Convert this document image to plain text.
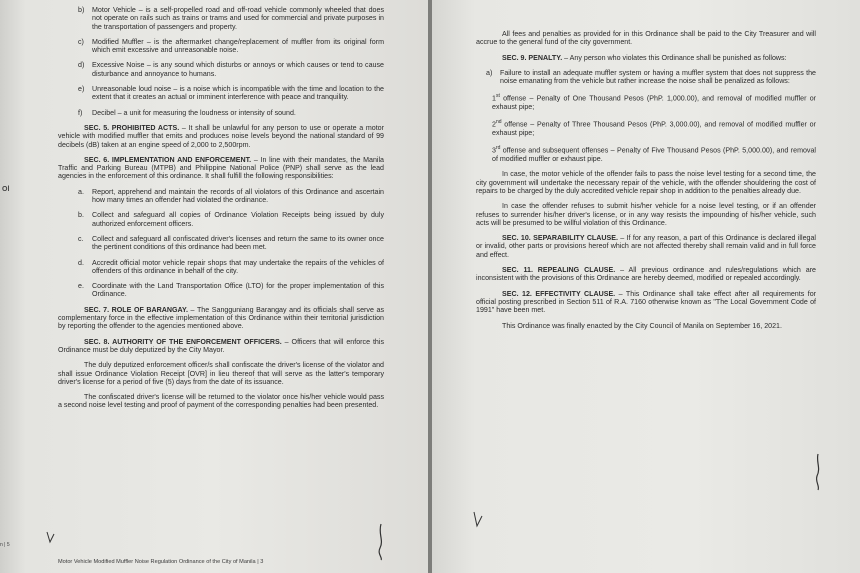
b)	Motor Vehicle – is a self-propelled road and off-road vehicle commonly wheeled that does not operate on rails such as trains or trams and used for commercial and private purposes in the transportation of passengers and property.
c)	Modified Muffler – is the aftermarket change/replacement of muffler from its original form which emit excessive and unreasonable noise.
d)	Excessive Noise – is any sound which disturbs or annoys or which causes or tend to cause disturbance and annoyance to humans.
e)	Unreasonable loud noise – is a noise which is incompatible with the time and location to the extent that it creates an actual or imminent interference with peace and tranquility.
f)	Decibel – a unit for measuring the loudness or intensity of sound.

SEC. 5. PROHIBITED ACTS. – It shall be unlawful for any person to use or operate a motor vehicle with modified muffler that emits and produces noise levels beyond the national standard of 99 decibels (dB) taken at an engine speed of 2,000 to 2,500rpm.

SEC. 6. IMPLEMENTATION AND ENFORCEMENT. – In line with their mandates, the Manila Traffic and Parking Bureau (MTPB) and Philippine National Police (PNP) shall serve as the lead agencies in the enforcement of this ordinance. It shall fulfill the following responsibilities:

a.	Report, apprehend and maintain the records of all violators of this Ordinance and ascertain how many times an offender had violated the ordinance.
b.	Collect and safeguard all copies of Ordinance Violation Receipts being issued by duly authorized enforcement officers.
c.	Collect and safeguard all confiscated driver's licenses and return the same to its owner once the pertinent conditions of this ordinance had been met.
d.	Accredit official motor vehicle repair shops that may undertake the repairs of the vehicles of offenders of this ordinance in behalf of the city.
e.	Coordinate with the Land Transportation Office (LTO) for the proper implementation of this Ordinance.

SEC. 7. ROLE OF BARANGAY. – The Sangguniang Barangay and its officials shall serve as complementary force in the effective implementation of this Ordinance within their territorial jurisdiction by reporting the offender to the agencies mentioned above.

SEC. 8. AUTHORITY OF THE ENFORCEMENT OFFICERS. – Officers that will enforce this Ordinance must be duly deputized by the City Mayor.

The duly deputized enforcement officer/s shall confiscate the driver's license of the violator and shall issue Ordinance Violation Receipt [OVR] in lieu thereof that will serve as the latter's temporary driver's license for a period of five (5) days from the date of its issuance.

The confiscated driver's license will be returned to the violator once his/her vehicle would pass a second noise level testing and proof of payment of the corresponding penalties had been presented.

Motor Vehicle Modified Muffler Noise Regulation Ordinance of the City of Manila | 3
Ol
n | 5

All fees and penalties as provided for in this Ordinance shall be paid to the City Treasurer and will accrue to the general fund of the city government.

SEC. 9. PENALTY. – Any person who violates this Ordinance shall be punished as follows:

a)	Failure to install an adequate muffler system or having a muffler system that does not suppress the noise emanating from the vehicle but rather increase the noise shall be penalized as follows:

1st offense – Penalty of One Thousand Pesos (PhP. 1,000.00), and removal of modified muffler or exhaust pipe;

2nd offense – Penalty of Three Thousand Pesos (PhP. 3,000.00), and removal of modified muffler or exhaust pipe;

3rd offense and subsequent offenses – Penalty of Five Thousand Pesos (PhP. 5,000.00), and removal of modified muffler or exhaust pipe.

In case, the motor vehicle of the offender fails to pass the noise level testing for a second time, the city government will undertake the necessary repair of the vehicle, with the offender shouldering the cost of repairs to be charged by the duly accredited vehicle repair shop in addition to the penalties already due.

In case the offender refuses to submit his/her vehicle for a noise level testing, or if an offender refuses to surrender his/her driver's license, or in any way resists the impounding of his/her vehicle, such acts will be presumed to be willful violation of this Ordinance.

SEC. 10. SEPARABILITY CLAUSE. – If for any reason, a part of this Ordinance is declared illegal or invalid, other parts or provisions hereof which are not affected thereby shall remain valid and in full force and effect.

SEC. 11. REPEALING CLAUSE. – All previous ordinance and rules/regulations which are inconsistent with the provisions of this Ordinance are hereby deemed, modified or repealed accordingly.

SEC. 12. EFFECTIVITY CLAUSE. – This Ordinance shall take effect after all requirements for official posting prescribed in Section 511 of R.A. 7160 otherwise known as "The Local Government Code of 1991" have been met.

This Ordinance was finally enacted by the City Council of Manila on September 16, 2021.
